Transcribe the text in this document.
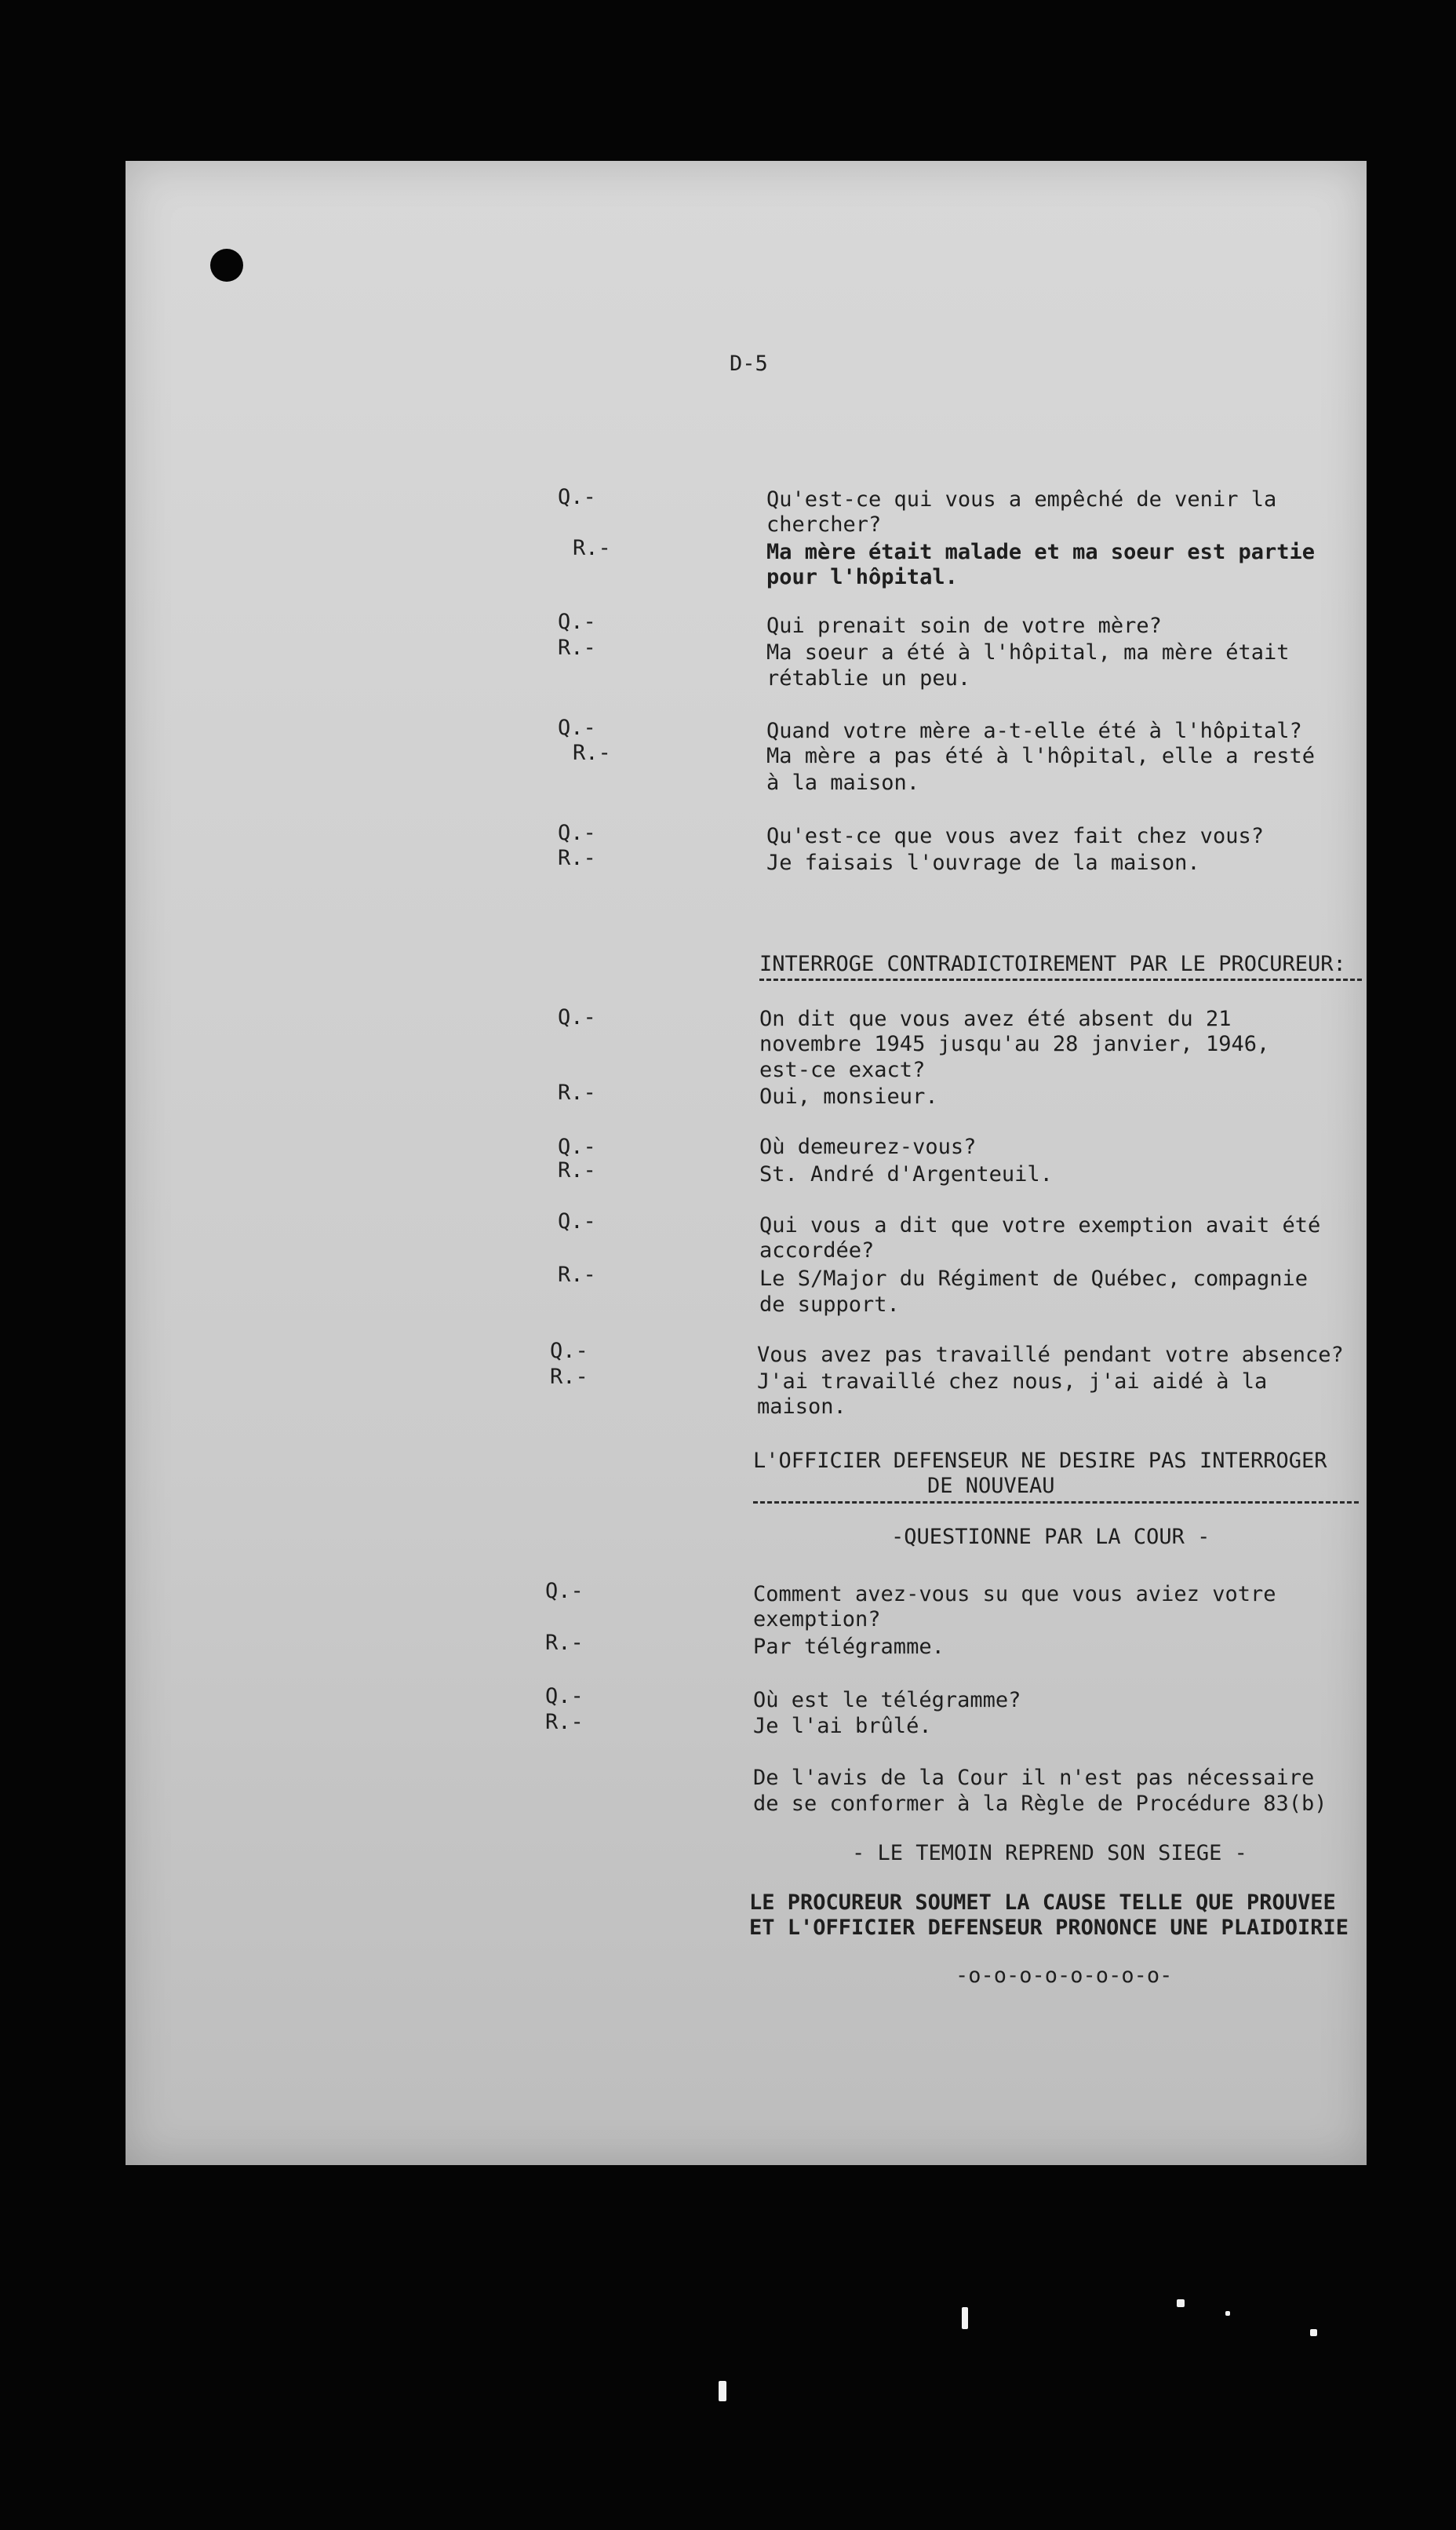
D-5
Q.-	Qu'est-ce qui vous a empêché de venir la
chercher?
R.-	Ma mère était malade et ma soeur est partie
pour l'hôpital.
Q.-	Qui prenait soin de votre mère?
R.-	Ma soeur a été à l'hôpital, ma mère était
rétablie un peu.
Q.-	Quand votre mère a-t-elle été à l'hôpital?
R.-	Ma mère a pas été à l'hôpital, elle a resté
à la maison.
Q.-	Qu'est-ce que vous avez fait chez vous?
R.-	Je faisais l'ouvrage de la maison.
INTERROGE CONTRADICTOIREMENT PAR LE PROCUREUR:
Q.-	On dit que vous avez été absent du 21
novembre 1945 jusqu'au 28 janvier, 1946,
est-ce exact?
R.-	Oui, monsieur.
Q.-	Où demeurez-vous?
R.-	St. André d'Argenteuil.
Q.-	Qui vous a dit que votre exemption avait été
accordée?
R.-	Le S/Major du Régiment de Québec, compagnie
de support.
Q.-	Vous avez pas travaillé pendant votre absence?
R.-	J'ai travaillé chez nous, j'ai aidé à la
maison.
L'OFFICIER DEFENSEUR NE DESIRE PAS INTERROGER
DE NOUVEAU
-QUESTIONNE PAR LA COUR -
Q.-	Comment avez-vous su que vous aviez votre
exemption?
R.-	Par télégramme.
Q.-	Où est le télégramme?
R.-	Je l'ai brûlé.
De l'avis de la Cour il n'est pas nécessaire
de se conformer à la Règle de Procédure 83(b)
- LE TEMOIN REPREND SON SIEGE -
LE PROCUREUR SOUMET LA CAUSE TELLE QUE PROUVEE
ET L'OFFICIER DEFENSEUR PRONONCE UNE PLAIDOIRIE
-o-o-o-o-o-o-o-o-
